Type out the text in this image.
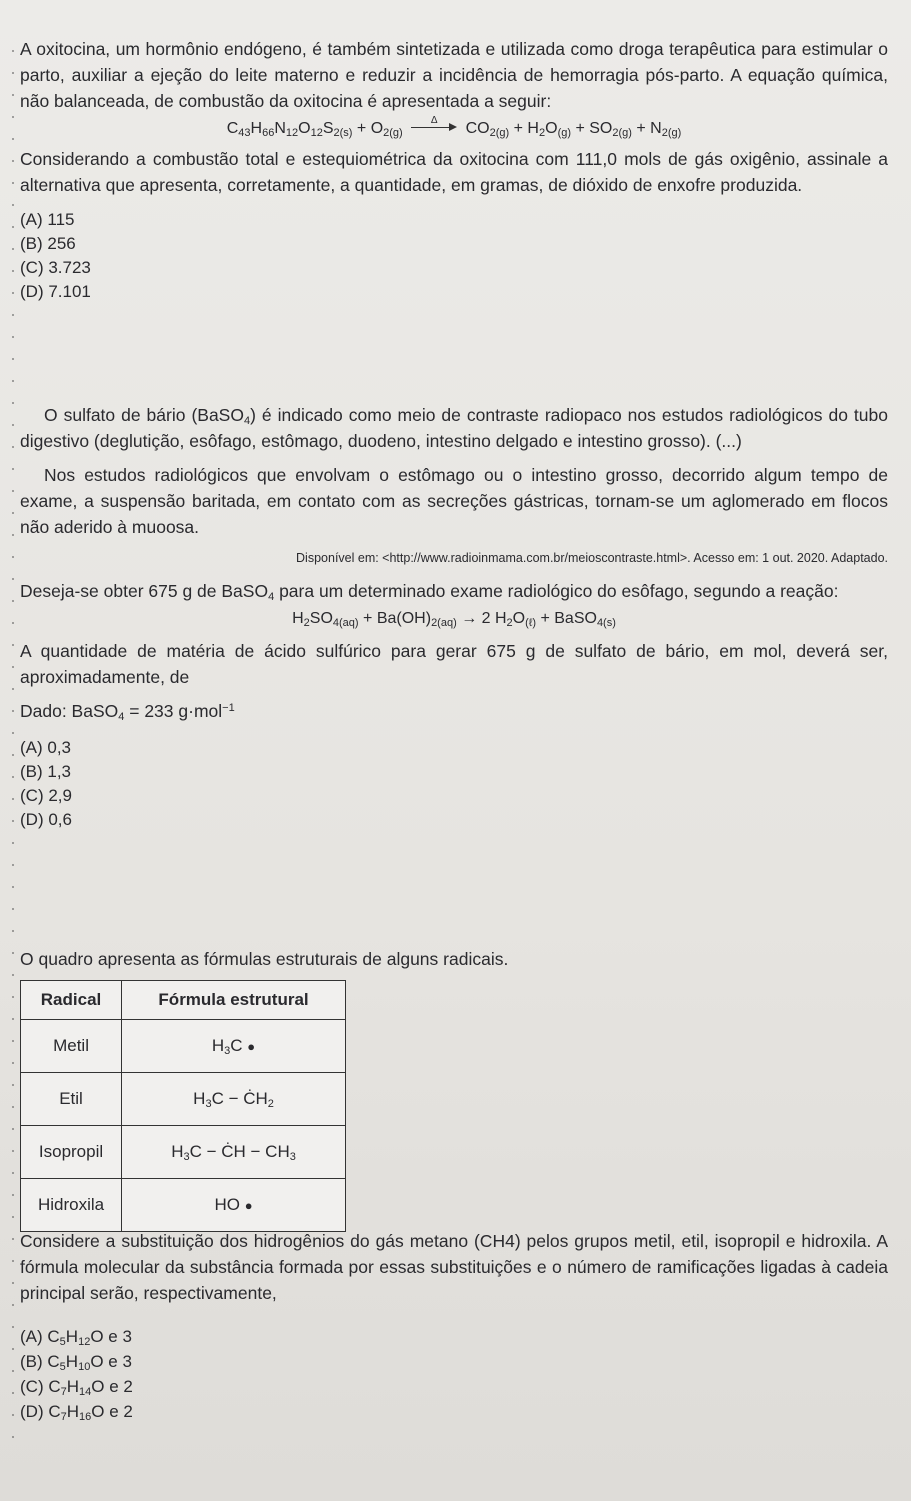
A oxitocina, um hormônio endógeno, é também sintetizada e utilizada como droga terapêutica para estimular o parto, auxiliar a ejeção do leite materno e reduzir a incidência de hemorragia pós-parto. A equação química, não balanceada, de combustão da oxitocina é apresentada a seguir:

$C_{43}H_{66}N_{12}O_{12}S_{2(s)} + O_{2(g)}$ $^\Delta$ $CO_{2(g)} + H_2O_{(g)} + SO_{2(g)} + N_{2(g)}$

Considerando a combustão total e estequiométrica da oxitocina com 111,0 mols de gás oxigênio, assinale a alternativa que apresenta, corretamente, a quantidade, em gramas, de dióxido de enxofre produzida.

(A) 115
(B) 256
(C) 3.723
(D) 7.101

O sulfato de bário (BaSO$_4$) é indicado como meio de contraste radiopaco nos estudos radiológicos do tubo digestivo (deglutição, esôfago, estômago, duodeno, intestino delgado e intestino grosso). (...)

Nos estudos radiológicos que envolvam o estômago ou o intestino grosso, decorrido algum tempo de exame, a suspensão baritada, em contato com as secreções gástricas, tornam-se um aglomerado em flocos não aderido à muoosa.

Disponível em: <http://www.radioinmama.com.br/meioscontraste.html>. Acesso em: 1 out. 2020. Adaptado.

Deseja-se obter 675 g de BaSO$_4$ para um determinado exame radiológico do esôfago, segundo a reação:

$H_2SO_{4(aq)} + Ba(OH)_{2(aq)} \to 2$ $H_2O_{(\ell)}$ + BaSO$_{4(s)}$

A quantidade de matéria de ácido sulfúrico para gerar 675 g de sulfato de bário, em mol, deverá ser, aproximadamente, de

Dado: BaSO$_4$ = 233 g·mol$^{-1}$

(A) 0,3
(B) 1,3
(C) 2,9
(D) 0,6

O quadro apresenta as fórmulas estruturais de alguns radicais.

Radical	Fórmula estrutural
Metil	$H_3C$ ●
Etil	$H_3C$ − $ĊH_2$
Isopropil	$H_3C$ − ĊH − $CH_3$
Hidroxila	HO ●

Considere a substituição dos hidrogênios do gás metano (CH4) pelos grupos metil, etil, isopropil e hidroxila. A fórmula molecular da substância formada por essas substituições e o número de ramificações ligadas à cadeia principal serão, respectivamente,

(A) $C_5H_{12}O$ e 3
(B) $C_5H_{10}O$ e 3
(C) $C_7H_{14}O$ e 2
(D) $C_7H_{16}O$ e 2
